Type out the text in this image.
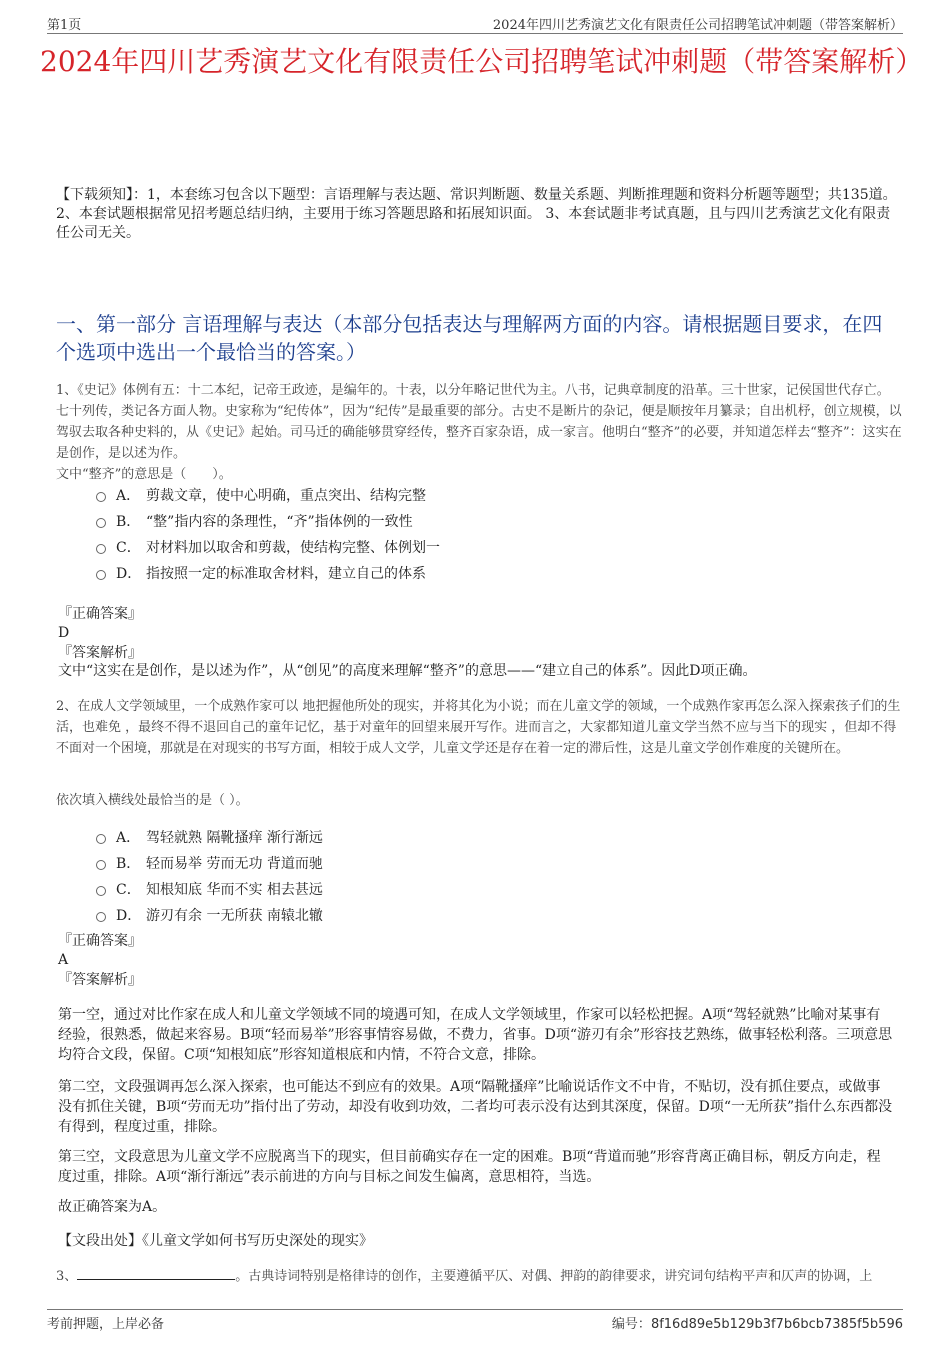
第1页	2024年四川艺秀演艺文化有限责任公司招聘笔试冲刺题（带答案解析）
2024年四川艺秀演艺文化有限责任公司招聘笔试冲刺题（带答案解析）
【下载须知】：1，本套练习包含以下题型：言语理解与表达题、常识判断题、数量关系题、判断推理题和资料分析题等题型；共135道。 2、本套试题根据常见招考题总结归纳，主要用于练习答题思路和拓展知识面。 3、本套试题非考试真题，且与四川艺秀演艺文化有限责任公司无关。
一、第一部分 言语理解与表达（本部分包括表达与理解两方面的内容。请根据题目要求，在四个选项中选出一个最恰当的答案。）
1、《史记》体例有五：十二本纪，记帝王政迹，是编年的。十表，以分年略记世代为主。八书，记典章制度的沿革。三十世家，记侯国世代存亡。七十列传，类记各方面人物。史家称为“纪传体”，因为“纪传”是最重要的部分。古史不是断片的杂记，便是顺按年月纂录；自出机杼，创立规模，以驾驭去取各种史料的，从《史记》起始。司马迁的确能够贯穿经传，整齐百家杂语，成一家言。他明白“整齐”的必要，并知道怎样去“整齐”：这实在是创作，是以述为作。
文中“整齐”的意思是（　　）。
A． 剪裁文章，使中心明确，重点突出、结构完整
B． “整”指内容的条理性，“齐”指体例的一致性
C． 对材料加以取舍和剪裁，使结构完整、体例划一
D． 指按照一定的标准取舍材料，建立自己的体系
『正确答案』
D
『答案解析』
文中“这实在是创作，是以述为作”，从“创见”的高度来理解“整齐”的意思——“建立自己的体系”。因此D项正确。
2、在成人文学领域里，一个成熟作家可以 地把握他所处的现实，并将其化为小说；而在儿童文学的领域，一个成熟作家再怎么深入探索孩子们的生活，也难免 ，最终不得不退回自己的童年记忆，基于对童年的回望来展开写作。进而言之，大家都知道儿童文学当然不应与当下的现实 ，但却不得不面对一个困境，那就是在对现实的书写方面，相较于成人文学，儿童文学还是存在着一定的滞后性，这是儿童文学创作难度的关键所在。
依次填入横线处最恰当的是（ ）。
A． 驾轻就熟 隔靴搔痒 渐行渐远
B． 轻而易举 劳而无功 背道而驰
C． 知根知底 华而不实 相去甚远
D． 游刃有余 一无所获 南辕北辙
『正确答案』
A
『答案解析』
第一空，通过对比作家在成人和儿童文学领域不同的境遇可知，在成人文学领域里，作家可以轻松把握。A项“驾轻就熟”比喻对某事有经验，很熟悉，做起来容易。B项“轻而易举”形容事情容易做，不费力，省事。D项“游刃有余”形容技艺熟练，做事轻松利落。三项意思均符合文段，保留。C项“知根知底”形容知道根底和内情，不符合文意，排除。
第二空，文段强调再怎么深入探索，也可能达不到应有的效果。A项“隔靴搔痒”比喻说话作文不中肯，不贴切，没有抓住要点，或做事没有抓住关键，B项“劳而无功”指付出了劳动，却没有收到功效，二者均可表示没有达到其深度，保留。D项“一无所获”指什么东西都没有得到，程度过重，排除。
第三空，文段意思为儿童文学不应脱离当下的现实，但目前确实存在一定的困难。B项“背道而驰”形容背离正确目标，朝反方向走，程度过重，排除。A项“渐行渐远”表示前进的方向与目标之间发生偏离，意思相符，当选。
故正确答案为A。
【文段出处】《儿童文学如何书写历史深处的现实》
3、	。古典诗词特别是格律诗的创作，主要遵循平仄、对偶、押韵的韵律要求，讲究词句结构平声和仄声的协调，上
考前押题，上岸必备	编号：8f16d89e5b129b3f7b6bcb7385f5b596
